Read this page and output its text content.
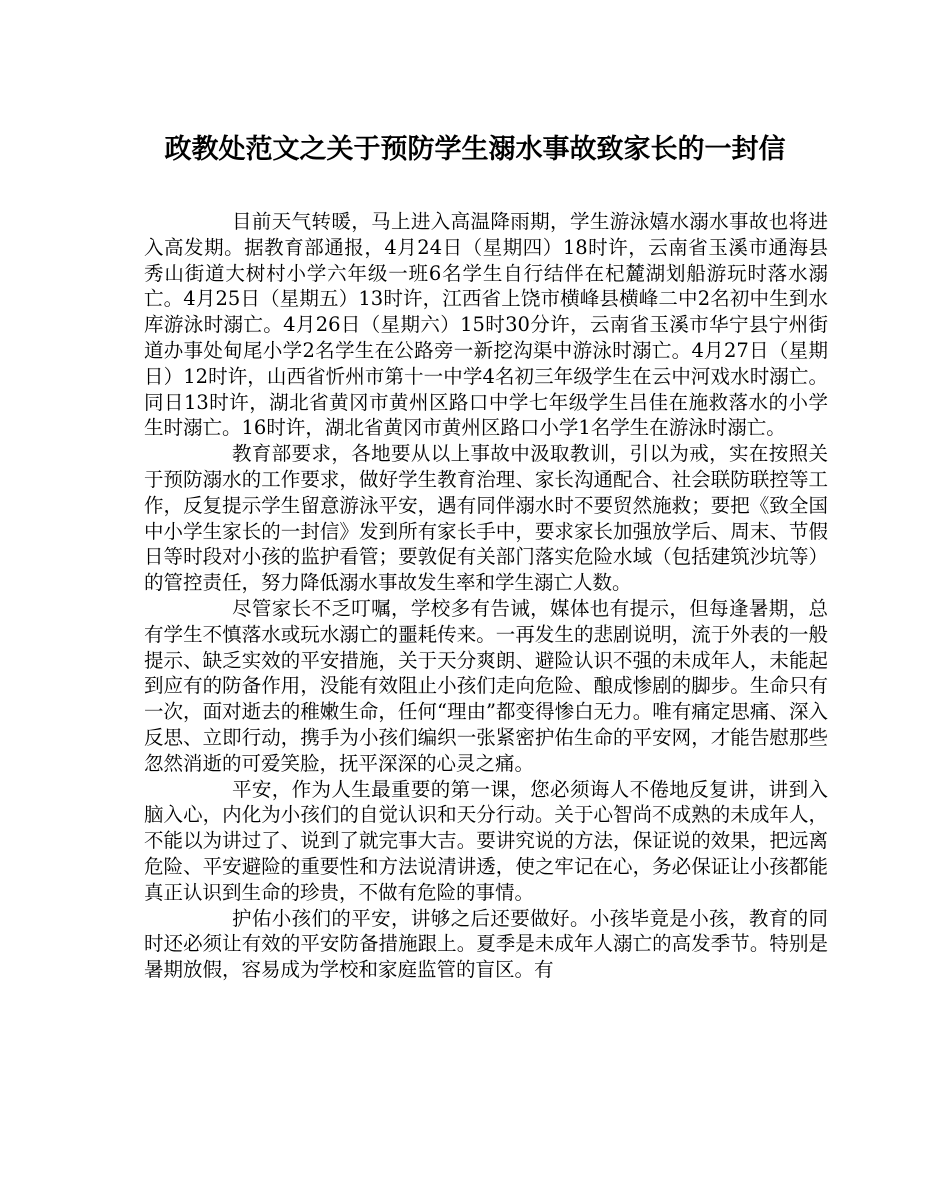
政教处范文之关于预防学生溺水事故致家长的一封信

目前天气转暖，马上进入高温降雨期，学生游泳嬉水溺水事故也将进入高发期。据教育部通报，4月24日（星期四）18时许，云南省玉溪市通海县秀山街道大树村小学六年级一班6名学生自行结伴在杞麓湖划船游玩时落水溺亡。4月25日（星期五）13时许，江西省上饶市横峰县横峰二中2名初中生到水库游泳时溺亡。4月26日（星期六）15时30分许，云南省玉溪市华宁县宁州街道办事处甸尾小学2名学生在公路旁一新挖沟渠中游泳时溺亡。4月27日（星期日）12时许，山西省忻州市第十一中学4名初三年级学生在云中河戏水时溺亡。同日13时许，湖北省黄冈市黄州区路口中学七年级学生吕佳在施救落水的小学生时溺亡。16时许，湖北省黄冈市黄州区路口小学1名学生在游泳时溺亡。

教育部要求，各地要从以上事故中汲取教训，引以为戒，实在按照关于预防溺水的工作要求，做好学生教育治理、家长沟通配合、社会联防联控等工作，反复提示学生留意游泳平安，遇有同伴溺水时不要贸然施救；要把《致全国中小学生家长的一封信》发到所有家长手中，要求家长加强放学后、周末、节假日等时段对小孩的监护看管；要敦促有关部门落实危险水域（包括建筑沙坑等）的管控责任，努力降低溺水事故发生率和学生溺亡人数。

尽管家长不乏叮嘱，学校多有告诫，媒体也有提示，但每逢暑期，总有学生不慎落水或玩水溺亡的噩耗传来。一再发生的悲剧说明，流于外表的一般提示、缺乏实效的平安措施，关于天分爽朗、避险认识不强的未成年人，未能起到应有的防备作用，没能有效阻止小孩们走向危险、酿成惨剧的脚步。生命只有一次，面对逝去的稚嫩生命，任何“理由”都变得惨白无力。唯有痛定思痛、深入反思、立即行动，携手为小孩们编织一张紧密护佑生命的平安网，才能告慰那些忽然消逝的可爱笑脸，抚平深深的心灵之痛。

平安，作为人生最重要的第一课，您必须诲人不倦地反复讲，讲到入脑入心，内化为小孩们的自觉认识和天分行动。关于心智尚不成熟的未成年人，不能以为讲过了、说到了就完事大吉。要讲究说的方法，保证说的效果，把远离危险、平安避险的重要性和方法说清讲透，使之牢记在心，务必保证让小孩都能真正认识到生命的珍贵，不做有危险的事情。

护佑小孩们的平安，讲够之后还要做好。小孩毕竟是小孩，教育的同时还必须让有效的平安防备措施跟上。夏季是未成年人溺亡的高发季节。特别是暑期放假，容易成为学校和家庭监管的盲区。有
